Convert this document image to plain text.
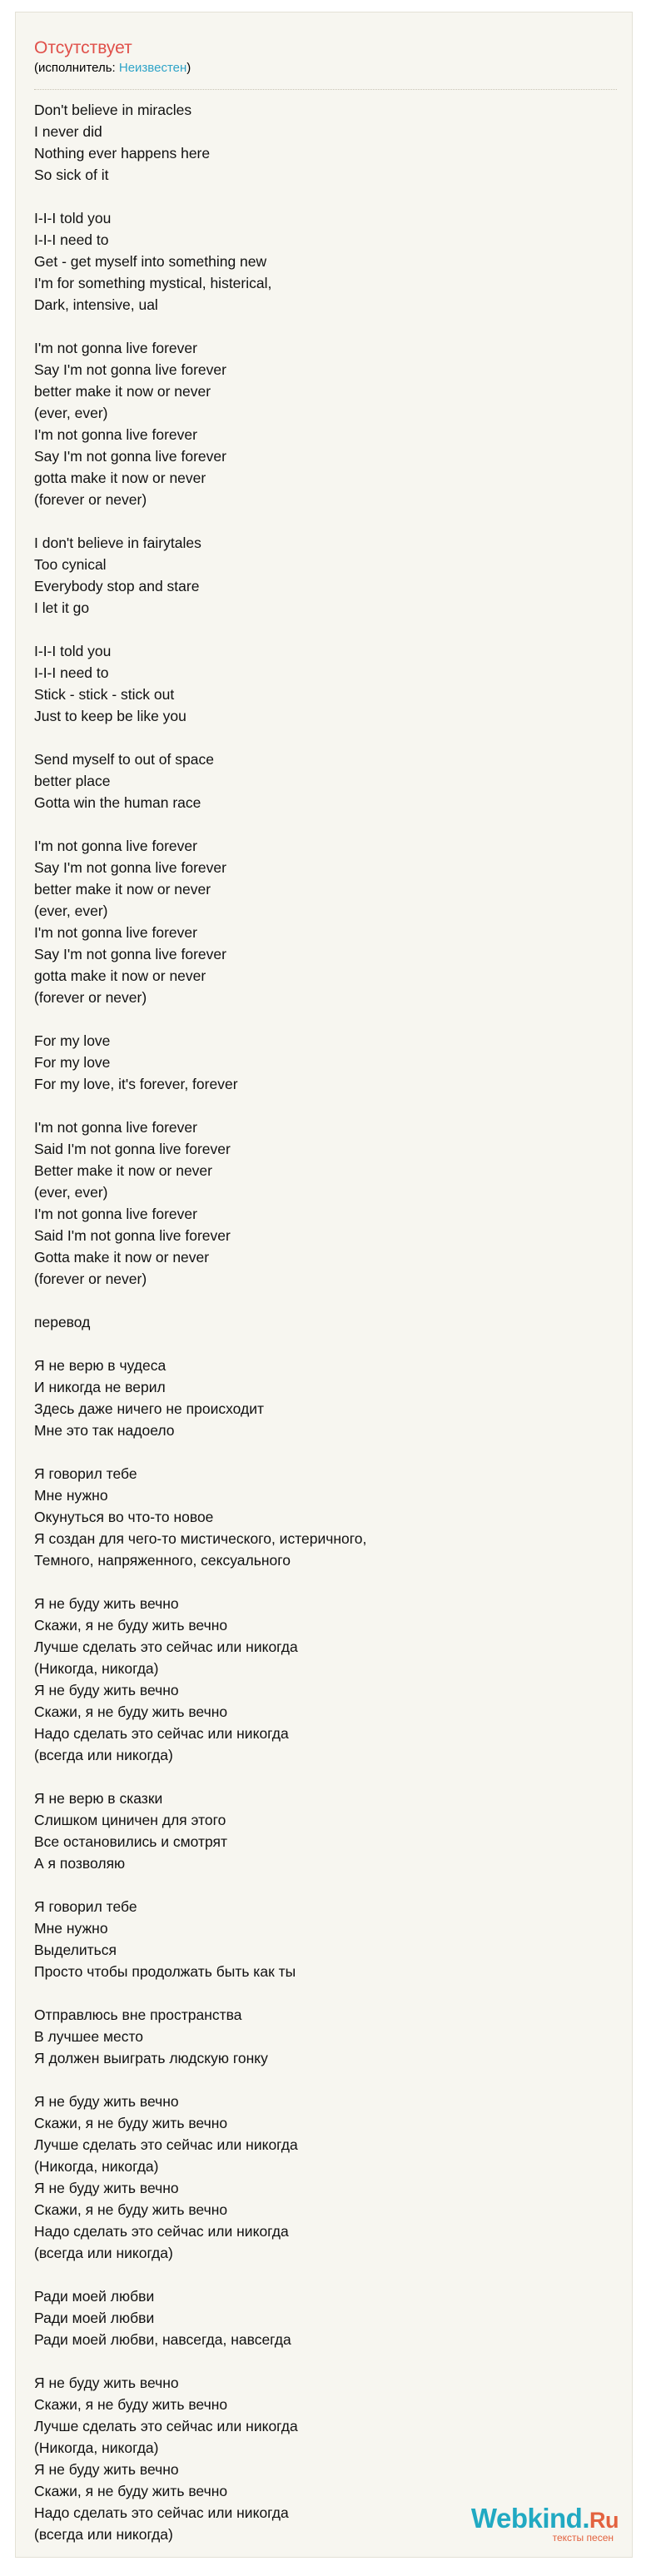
Отсутствует
(исполнитель: Неизвестен)
Don't believe in miracles
I never did
Nothing ever happens here
So sick of it
I-I-I told you
I-I-I need to
Get - get myself into something new
I'm for something mystical, histerical,
Dark, intensive, ual
I'm not gonna live forever
Say I'm not gonna live forever
better make it now or never
(ever, ever)
I'm not gonna live forever
Say I'm not gonna live forever
gotta make it now or never
(forever or never)
I don't believe in fairytales
Too cynical
Everybody stop and stare
I let it go
I-I-I told you
I-I-I need to
Stick - stick - stick out
Just to keep be like you
Send myself to out of space
better place
Gotta win the human race
I'm not gonna live forever
Say I'm not gonna live forever
better make it now or never
(ever, ever)
I'm not gonna live forever
Say I'm not gonna live forever
gotta make it now or never
(forever or never)
For my love
For my love
For my love, it's forever, forever
I'm not gonna live forever
Said I'm not gonna live forever
Better make it now or never
(ever, ever)
I'm not gonna live forever
Said I'm not gonna live forever
Gotta make it now or never
(forever or never)
перевод
Я не верю в чудеса
И никогда не верил
Здесь даже ничего не происходит
Мне это так надоело
Я говорил тебе
Мне нужно
Окунуться во что-то новое
Я создан для чего-то мистического, истеричного,
Темного, напряженного, сексуального
Я не буду жить вечно
Скажи, я не буду жить вечно
Лучше сделать это сейчас или никогда
(Никогда, никогда)
Я не буду жить вечно
Скажи, я не буду жить вечно
Надо сделать это сейчас или никогда
(всегда или никогда)
Я не верю в сказки
Слишком циничен для этого
Все остановились и смотрят
А я позволяю
Я говорил тебе
Мне нужно
Выделиться
Просто чтобы продолжать быть как ты
Отправлюсь вне пространства
В лучшее место
Я должен выиграть людскую гонку
Я не буду жить вечно
Скажи, я не буду жить вечно
Лучше сделать это сейчас или никогда
(Никогда, никогда)
Я не буду жить вечно
Скажи, я не буду жить вечно
Надо сделать это сейчас или никогда
(всегда или никогда)
Ради моей любви
Ради моей любви
Ради моей любви, навсегда, навсегда
Я не буду жить вечно
Скажи, я не буду жить вечно
Лучше сделать это сейчас или никогда
(Никогда, никогда)
Я не буду жить вечно
Скажи, я не буду жить вечно
Надо сделать это сейчас или никогда
(всегда или никогда)
Webkind.Ru
тексты песен
